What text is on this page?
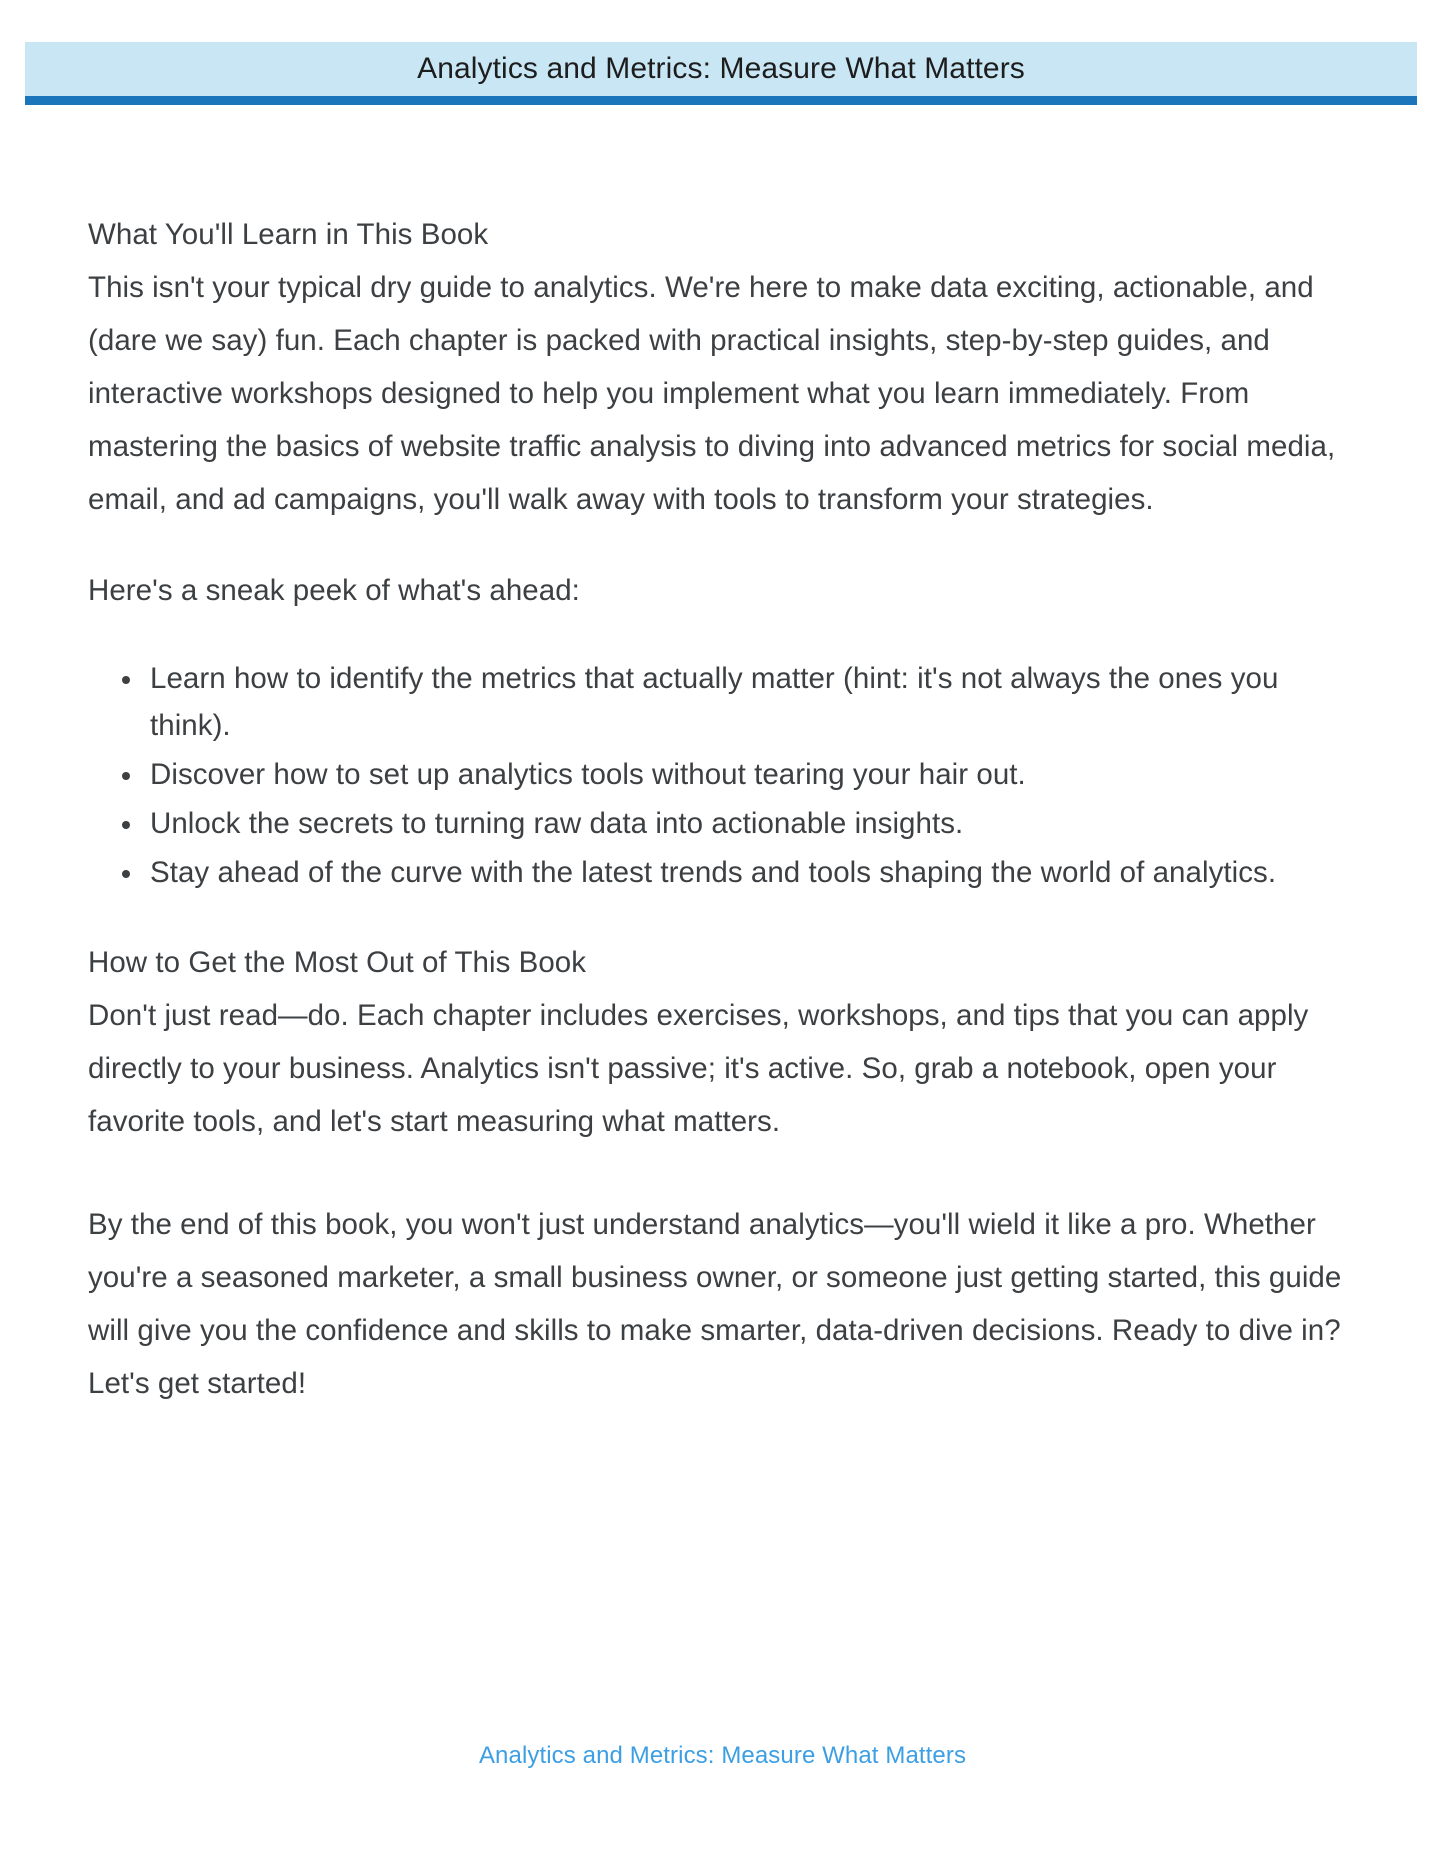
Analytics and Metrics: Measure What Matters

What You'll Learn in This Book

This isn't your typical dry guide to analytics. We're here to make data exciting, actionable, and (dare we say) fun. Each chapter is packed with practical insights, step-by-step guides, and interactive workshops designed to help you implement what you learn immediately. From mastering the basics of website traffic analysis to diving into advanced metrics for social media, email, and ad campaigns, you'll walk away with tools to transform your strategies.

Here's a sneak peek of what's ahead:

Learn how to identify the metrics that actually matter (hint: it's not always the ones you think).
Discover how to set up analytics tools without tearing your hair out.
Unlock the secrets to turning raw data into actionable insights.
Stay ahead of the curve with the latest trends and tools shaping the world of analytics.

How to Get the Most Out of This Book

Don't just read—do. Each chapter includes exercises, workshops, and tips that you can apply directly to your business. Analytics isn't passive; it's active. So, grab a notebook, open your favorite tools, and let's start measuring what matters.

By the end of this book, you won't just understand analytics—you'll wield it like a pro. Whether you're a seasoned marketer, a small business owner, or someone just getting started, this guide will give you the confidence and skills to make smarter, data-driven decisions. Ready to dive in? Let's get started!

Analytics and Metrics: Measure What Matters
